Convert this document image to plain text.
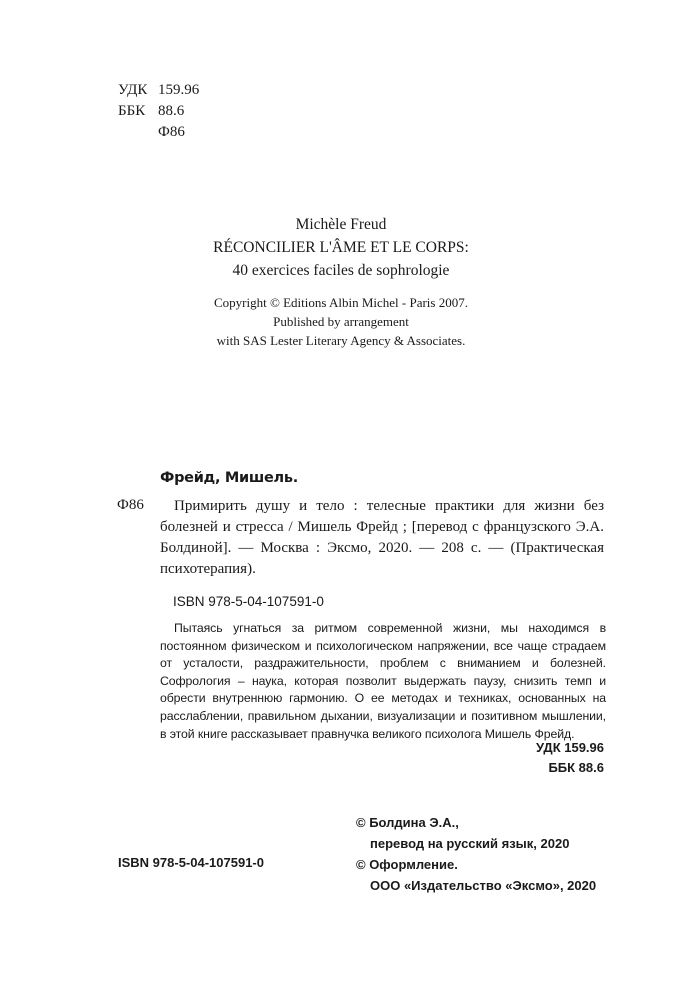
УДК 159.96
ББК 88.6
Ф86
Michèle Freud
RÉCONCILIER L'ÂME ET LE CORPS:
40 exercices faciles de sophrologie
Copyright © Editions Albin Michel - Paris 2007.
Published by arrangement
with SAS Lester Literary Agency & Associates.
Фрейд, Мишель.
Ф86	Примирить душу и тело : телесные практики для жизни без болезней и стресса / Мишель Фрейд ; [перевод с французского Э.А. Болдиной]. — Москва : Эксмо, 2020. — 208 с. — (Практическая психотерапия).
ISBN 978-5-04-107591-0
Пытаясь угнаться за ритмом современной жизни, мы находимся в постоянном физическом и психологическом напряжении, все чаще страдаем от усталости, раздражительности, проблем с вниманием и болезней. Софрология – наука, которая позволит выдержать паузу, снизить темп и обрести внутреннюю гармонию. О ее методах и техниках, основанных на расслаблении, правильном дыхании, визуализации и позитивном мышлении, в этой книге рассказывает правнучка великого психолога Мишель Фрейд.
УДК 159.96
ББК 88.6
ISBN 978-5-04-107591-0
© Болдина Э.А.,
перевод на русский язык, 2020
© Оформление.
ООО «Издательство «Эксмо», 2020
